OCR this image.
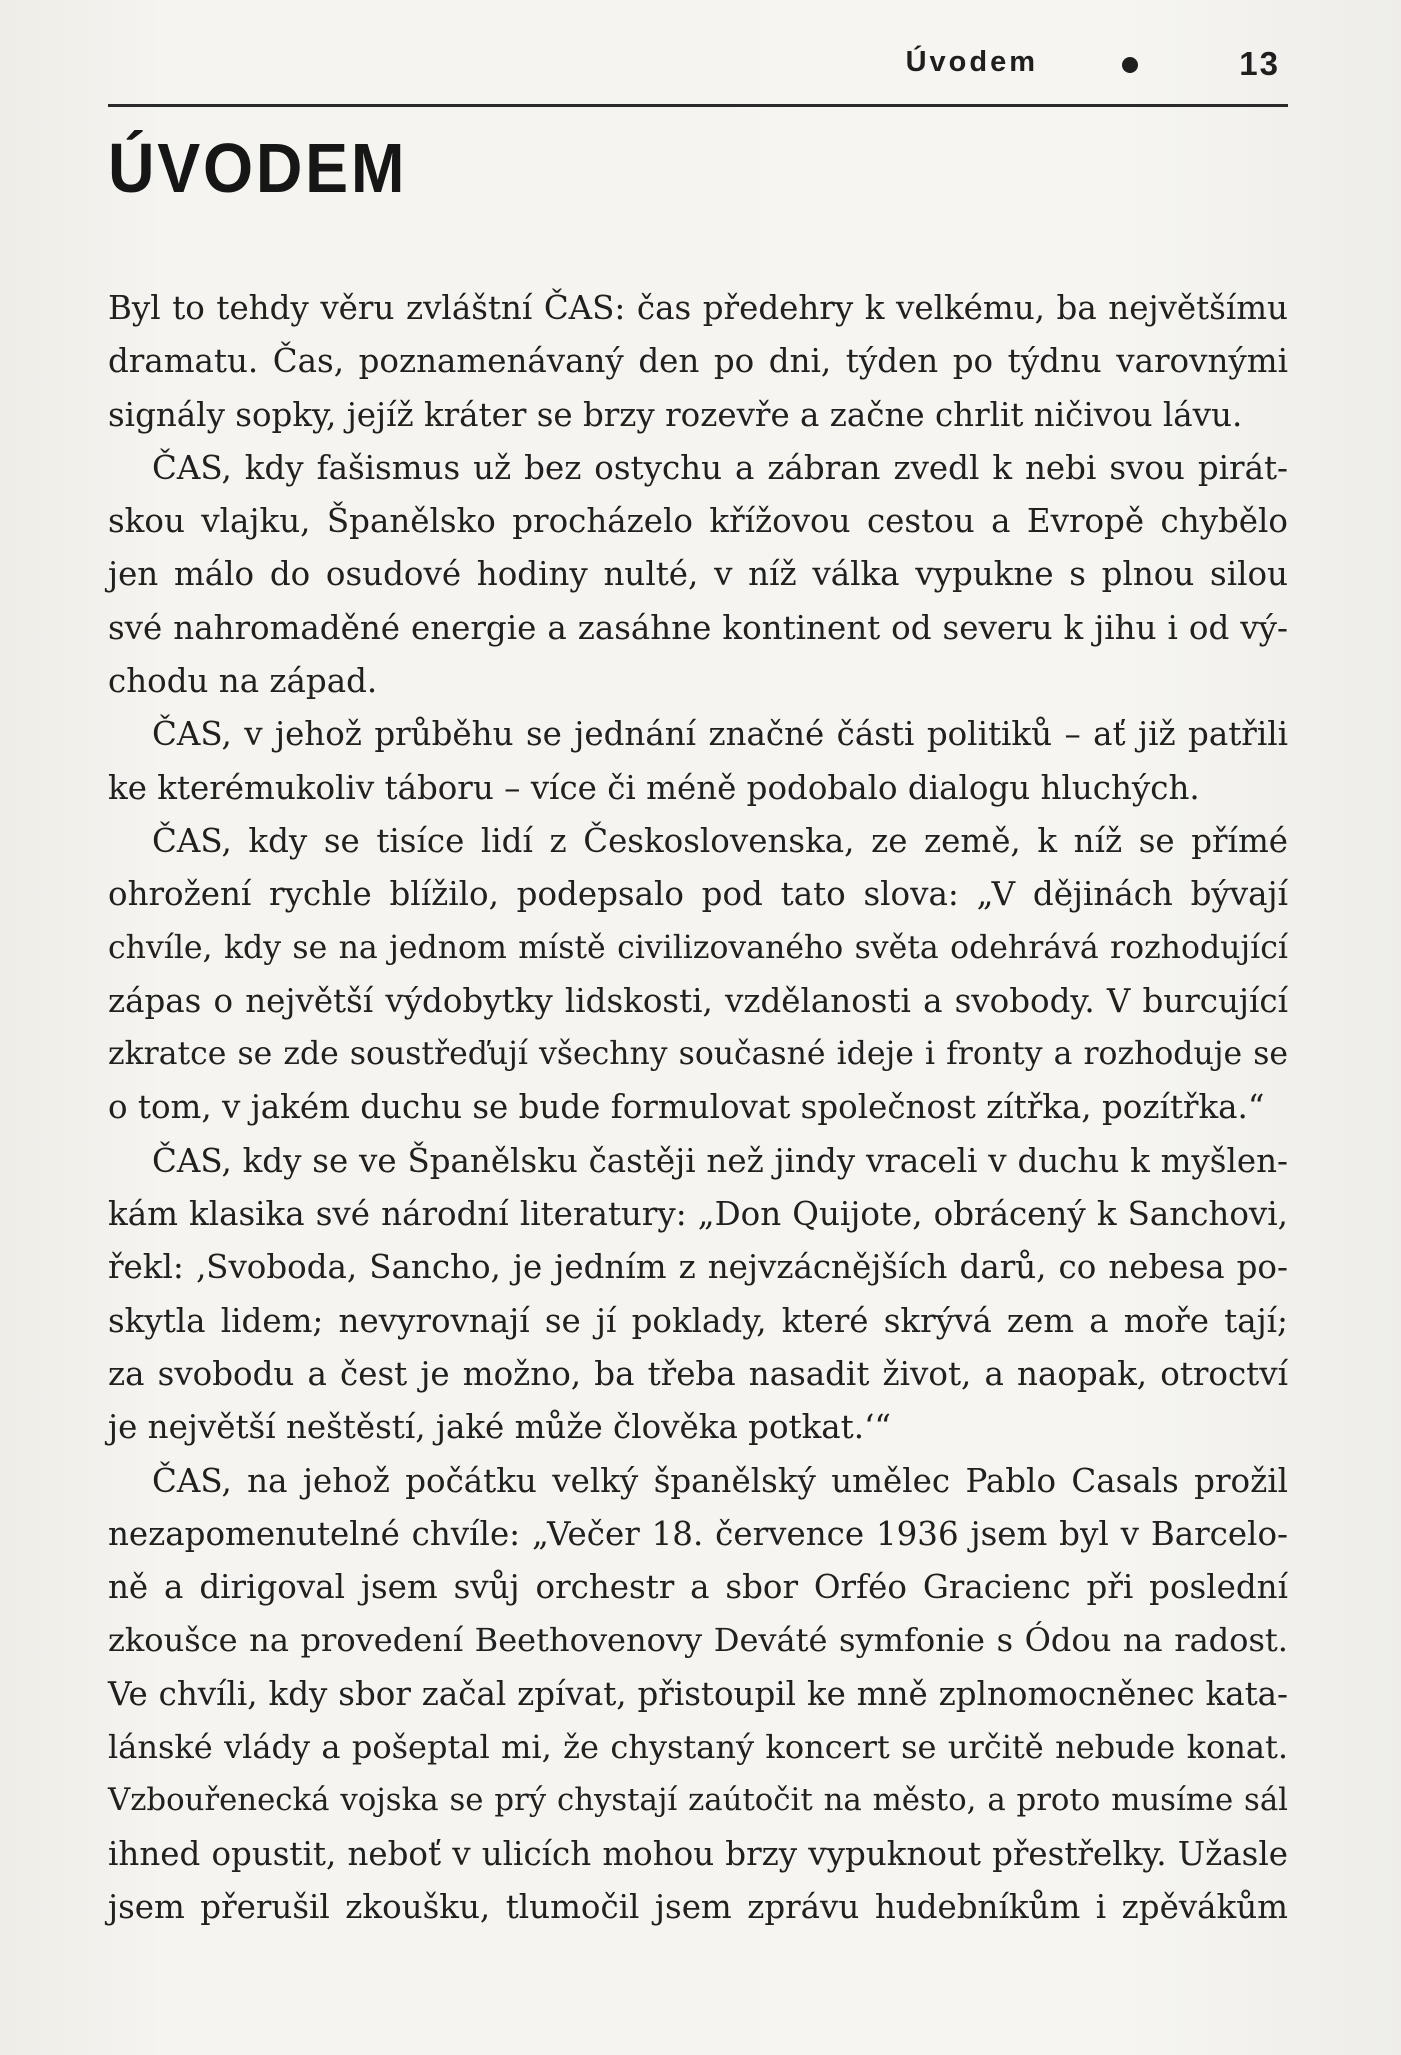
Úvodem	13
ÚVODEM
Byl to tehdy věru zvláštní ČAS: čas předehry k velkému, ba největšímu
dramatu. Čas, poznamenávaný den po dni, týden po týdnu varovnými
signály sopky, jejíž kráter se brzy rozevře a začne chrlit ničivou lávu.
ČAS, kdy fašismus už bez ostychu a zábran zvedl k nebi svou pirát-
skou vlajku, Španělsko procházelo křížovou cestou a Evropě chybělo
jen málo do osudové hodiny nulté, v níž válka vypukne s plnou silou
své nahromaděné energie a zasáhne kontinent od severu k jihu i od vý-
chodu na západ.
ČAS, v jehož průběhu se jednání značné části politiků – ať již patřili
ke kterémukoliv táboru – více či méně podobalo dialogu hluchých.
ČAS, kdy se tisíce lidí z Československa, ze země, k níž se přímé
ohrožení rychle blížilo, podepsalo pod tato slova: „V dějinách bývají
chvíle, kdy se na jednom místě civilizovaného světa odehrává rozhodující
zápas o největší výdobytky lidskosti, vzdělanosti a svobody. V burcující
zkratce se zde soustřeďují všechny současné ideje i fronty a rozhoduje se
o tom, v jakém duchu se bude formulovat společnost zítřka, pozítřka.“
ČAS, kdy se ve Španělsku častěji než jindy vraceli v duchu k myšlen-
kám klasika své národní literatury: „Don Quijote, obrácený k Sanchovi,
řekl: ‚Svoboda, Sancho, je jedním z nejvzácnějších darů, co nebesa po-
skytla lidem; nevyrovnají se jí poklady, které skrývá zem a moře tají;
za svobodu a čest je možno, ba třeba nasadit život, a naopak, otroctví
je největší neštěstí, jaké může člověka potkat.‘“
ČAS, na jehož počátku velký španělský umělec Pablo Casals prožil
nezapomenutelné chvíle: „Večer 18. července 1936 jsem byl v Barcelo-
ně a dirigoval jsem svůj orchestr a sbor Orféo Gracienc při poslední
zkoušce na provedení Beethovenovy Deváté symfonie s Ódou na radost.
Ve chvíli, kdy sbor začal zpívat, přistoupil ke mně zplnomocněnec kata-
lánské vlády a pošeptal mi, že chystaný koncert se určitě nebude konat.
Vzbouřenecká vojska se prý chystají zaútočit na město, a proto musíme sál
ihned opustit, neboť v ulicích mohou brzy vypuknout přestřelky. Užasle
jsem přerušil zkoušku, tlumočil jsem zprávu hudebníkům i zpěvákům
